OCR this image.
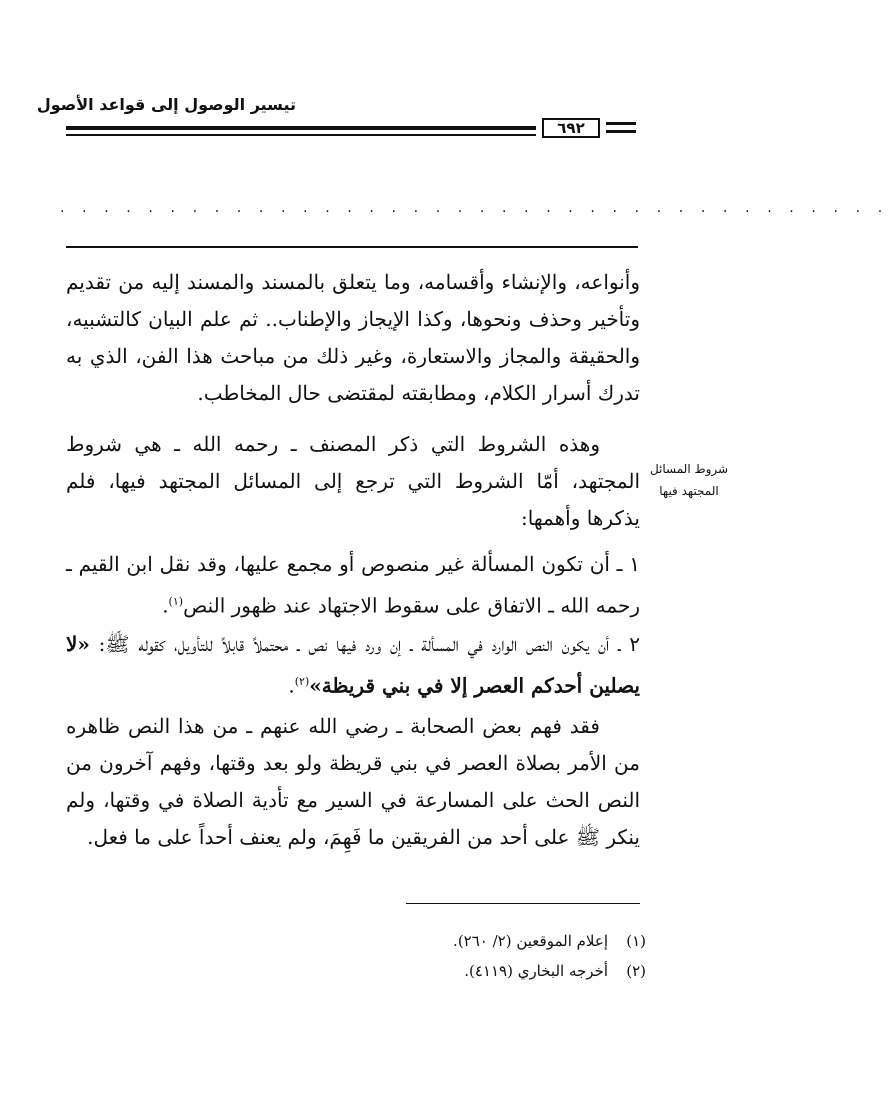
تيسير الوصول إلى قواعد الأصول
٦٩٢
. . . . . . . . . . . . . . . . . . . . . . . . . . . . . . . . . . . . . .
وأنواعه، والإنشاء وأقسامه، وما يتعلق بالمسند والمسند إليه من تقديم وتأخير وحذف ونحوها، وكذا الإيجاز والإطناب.. ثم علم البيان كالتشبيه، والحقيقة والمجاز والاستعارة، وغير ذلك من مباحث هذا الفن، الذي به تدرك أسرار الكلام، ومطابقته لمقتضى حال المخاطب.
شروط المسائل
المجتهد فيها
وهذه الشروط التي ذكر المصنف ـ رحمه الله ـ هي شروط المجتهد، أمّا الشروط التي ترجع إلى المسائل المجتهد فيها، فلم يذكرها وأهمها:
١ ـ أن تكون المسألة غير منصوص أو مجمع عليها، وقد نقل ابن القيم ـ رحمه الله ـ الاتفاق على سقوط الاجتهاد عند ظهور النص$^{(١)}$.
٢ ـ أن يكون النص الوارد في المسألة ـ إن ورد فيها نص ـ محتملاً قابلاً للتأويل، كقوله ﷺ: «لا يصلين أحدكم العصر إلا في بني قريظة»$^{(٢)}$.
فقد فهم بعض الصحابة ـ رضي الله عنهم ـ من هذا النص ظاهره من الأمر بصلاة العصر في بني قريظة ولو بعد وقتها، وفهم آخرون من النص الحث على المسارعة في السير مع تأدية الصلاة في وقتها، ولم ينكر ﷺ على أحد من الفريقين ما فَهِمَ، ولم يعنف أحداً على ما فعل.
(١)إعلام الموقعين (٢/ ٢٦٠).
(٢)أخرجه البخاري (٤١١٩).
